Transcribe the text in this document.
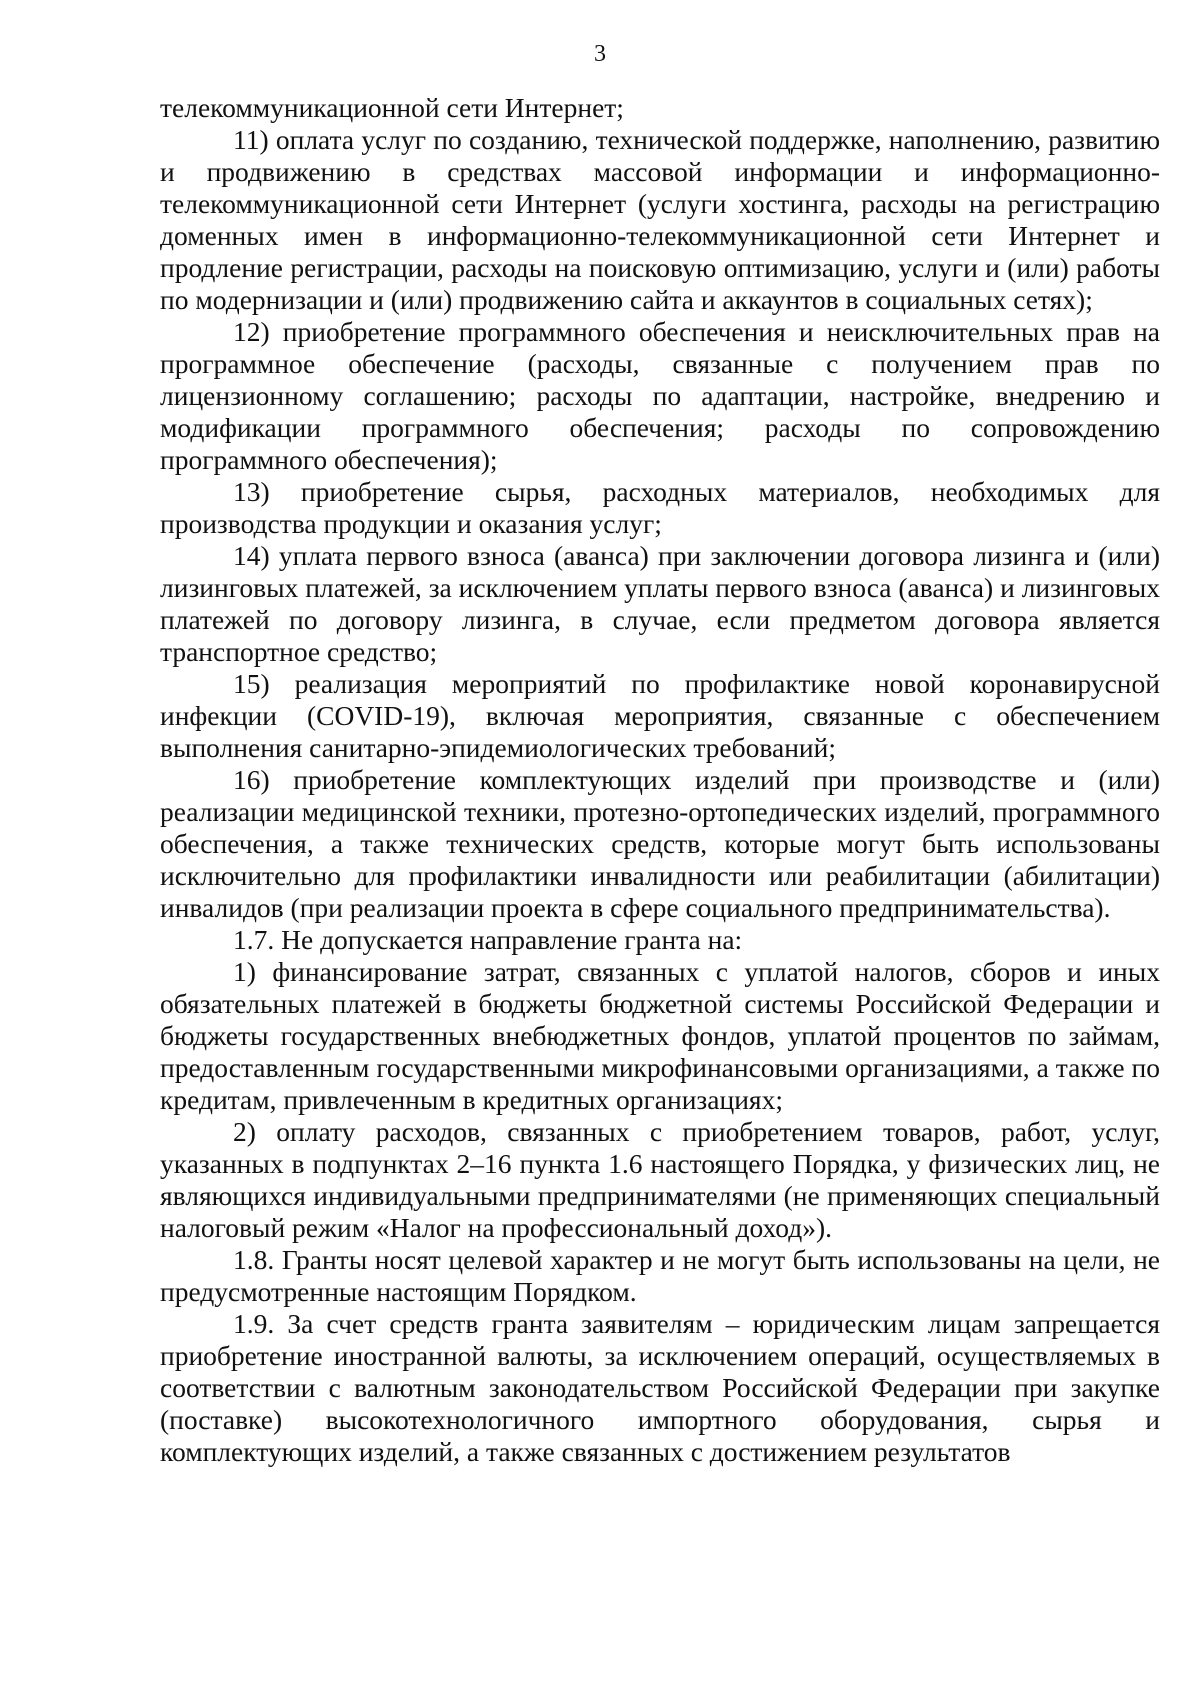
3

телекоммуникационной сети Интернет;

11) оплата услуг по созданию, технической поддержке, наполнению, развитию и продвижению в средствах массовой информации и информационно-телекоммуникационной сети Интернет (услуги хостинга, расходы на регистрацию доменных имен в информационно-телекоммуникационной сети Интернет и продление регистрации, расходы на поисковую оптимизацию, услуги и (или) работы по модернизации и (или) продвижению сайта и аккаунтов в социальных сетях);

12) приобретение программного обеспечения и неисключительных прав на программное обеспечение (расходы, связанные с получением прав по лицензионному соглашению; расходы по адаптации, настройке, внедрению и модификации программного обеспечения; расходы по сопровождению программного обеспечения);

13) приобретение сырья, расходных материалов, необходимых для производства продукции и оказания услуг;

14) уплата первого взноса (аванса) при заключении договора лизинга и (или) лизинговых платежей, за исключением уплаты первого взноса (аванса) и лизинговых платежей по договору лизинга, в случае, если предметом договора является транспортное средство;

15) реализация мероприятий по профилактике новой коронавирусной инфекции (COVID-19), включая мероприятия, связанные с обеспечением выполнения санитарно-эпидемиологических требований;

16) приобретение комплектующих изделий при производстве и (или) реализации медицинской техники, протезно-ортопедических изделий, программного обеспечения, а также технических средств, которые могут быть использованы исключительно для профилактики инвалидности или реабилитации (абилитации) инвалидов (при реализации проекта в сфере социального предпринимательства).

1.7. Не допускается направление гранта на:

1) финансирование затрат, связанных с уплатой налогов, сборов и иных обязательных платежей в бюджеты бюджетной системы Российской Федерации и бюджеты государственных внебюджетных фондов, уплатой процентов по займам, предоставленным государственными микрофинансовыми организациями, а также по кредитам, привлеченным в кредитных организациях;

2) оплату расходов, связанных с приобретением товаров, работ, услуг, указанных в подпунктах 2–16 пункта 1.6 настоящего Порядка, у физических лиц, не являющихся индивидуальными предпринимателями (не применяющих специальный налоговый режим «Налог на профессиональный доход»).

1.8. Гранты носят целевой характер и не могут быть использованы на цели, не предусмотренные настоящим Порядком.

1.9. За счет средств гранта заявителям – юридическим лицам запрещается приобретение иностранной валюты, за исключением операций, осуществляемых в соответствии с валютным законодательством Российской Федерации при закупке (поставке) высокотехнологичного импортного оборудования, сырья и комплектующих изделий, а также связанных с достижением результатов
